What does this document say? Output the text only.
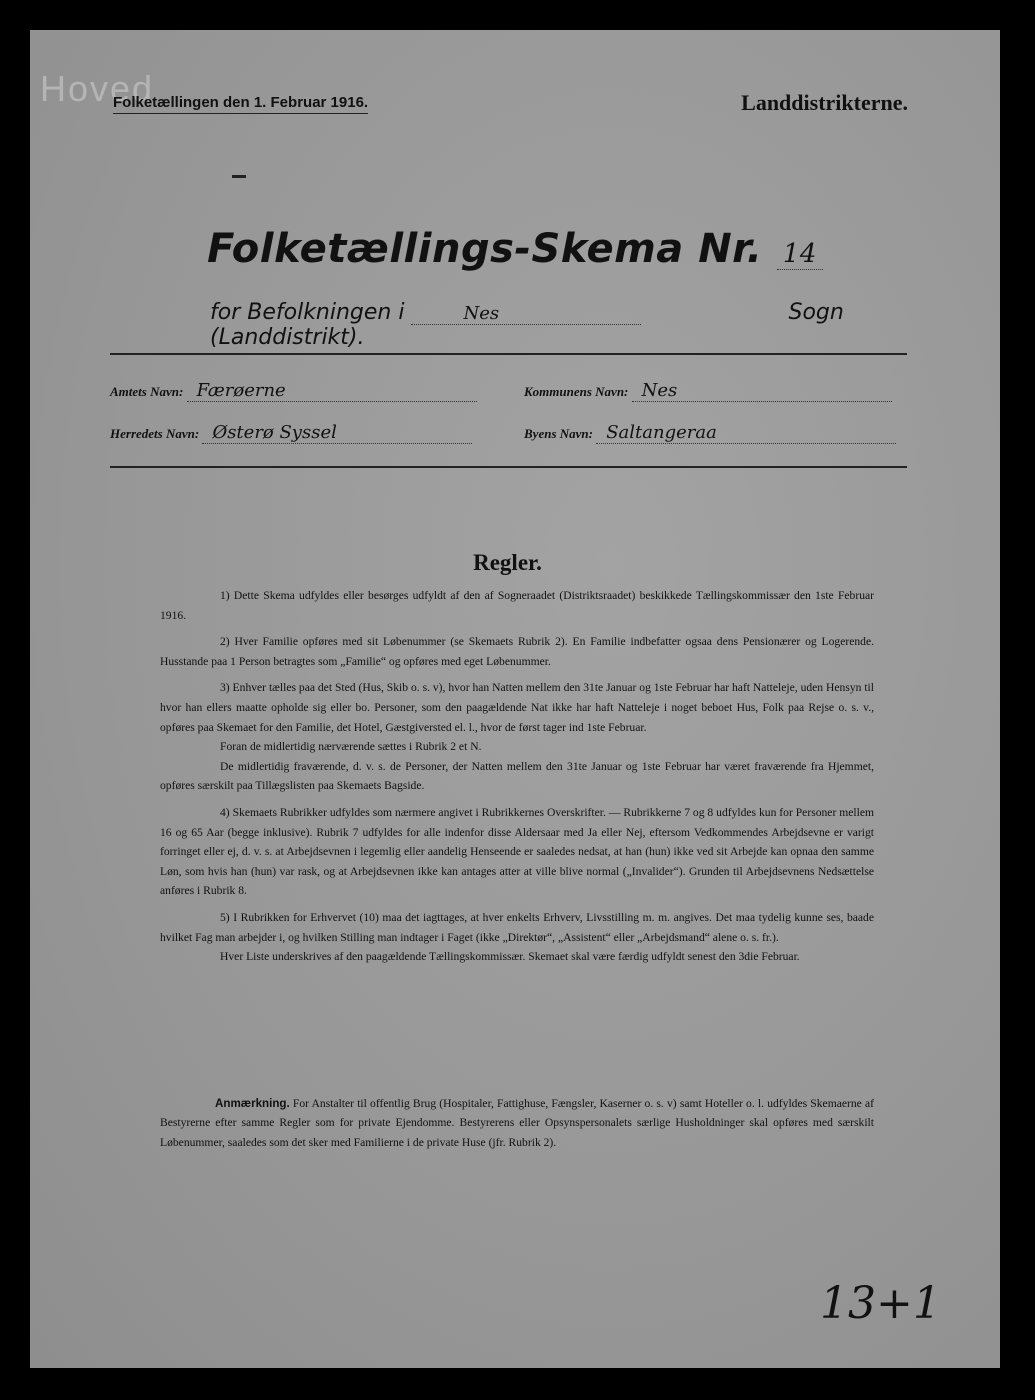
Hoved
Folketællingen den 1. Februar 1916.	Landdistrikterne.
Folketællings-Skema Nr. 14
for Befolkningen i	Nes	Sogn (Landdistrikt).
Amtets Navn: Færøerne	Kommunens Navn: Nes
Herredets Navn: Østerø Syssel	Byens Navn: Saltangeraa
Regler.

1) Dette Skema udfyldes eller besørges udfyldt af den af Sogneraadet (Distriktsraadet) beskikkede Tællingskommissær den 1ste Februar 1916.

2) Hver Familie opføres med sit Løbenummer (se Skemaets Rubrik 2). En Familie indbefatter ogsaa dens Pensionærer og Logerende. Husstande paa 1 Person betragtes som „Familie“ og opføres med eget Løbenummer.

3) Enhver tælles paa det Sted (Hus, Skib o. s. v), hvor han Natten mellem den 31te Januar og 1ste Februar har haft Natteleje, uden Hensyn til hvor han ellers maatte opholde sig eller bo. Personer, som den paagældende Nat ikke har haft Natteleje i noget beboet Hus, Folk paa Rejse o. s. v., opføres paa Skemaet for den Familie, det Hotel, Gæstgiversted el. l., hvor de først tager ind 1ste Februar.

Foran de midlertidig nærværende sættes i Rubrik 2 et N.

De midlertidig fraværende, d. v. s. de Personer, der Natten mellem den 31te Januar og 1ste Februar har været fraværende fra Hjemmet, opføres særskilt paa Tillægslisten paa Skemaets Bagside.

4) Skemaets Rubrikker udfyldes som nærmere angivet i Rubrikkernes Overskrifter. — Rubrikkerne 7 og 8 udfyldes kun for Personer mellem 16 og 65 Aar (begge inklusive). Rubrik 7 udfyldes for alle indenfor disse Aldersaar med Ja eller Nej, eftersom Vedkommendes Arbejdsevne er varigt forringet eller ej, d. v. s. at Arbejdsevnen i legemlig eller aandelig Henseende er saaledes nedsat, at han (hun) ikke ved sit Arbejde kan opnaa den samme Løn, som hvis han (hun) var rask, og at Arbejdsevnen ikke kan antages atter at ville blive normal („Invalider“). Grunden til Arbejdsevnens Nedsættelse anføres i Rubrik 8.

5) I Rubrikken for Erhvervet (10) maa det iagttages, at hver enkelts Erhverv, Livsstilling m. m. angives. Det maa tydelig kunne ses, baade hvilket Fag man arbejder i, og hvilken Stilling man indtager i Faget (ikke „Direktør“, „Assistent“ eller „Arbejdsmand“ alene o. s. fr.).

Hver Liste underskrives af den paagældende Tællingskommissær. Skemaet skal være færdig udfyldt senest den 3die Februar.

Anmærkning. For Anstalter til offentlig Brug (Hospitaler, Fattighuse, Fængsler, Kaserner o. s. v) samt Hoteller o. l. udfyldes Skemaerne af Bestyrerne efter samme Regler som for private Ejendomme. Bestyrerens eller Opsynspersonalets særlige Husholdninger skal opføres med særskilt Løbenummer, saaledes som det sker med Familierne i de private Huse (jfr. Rubrik 2).
13+1
